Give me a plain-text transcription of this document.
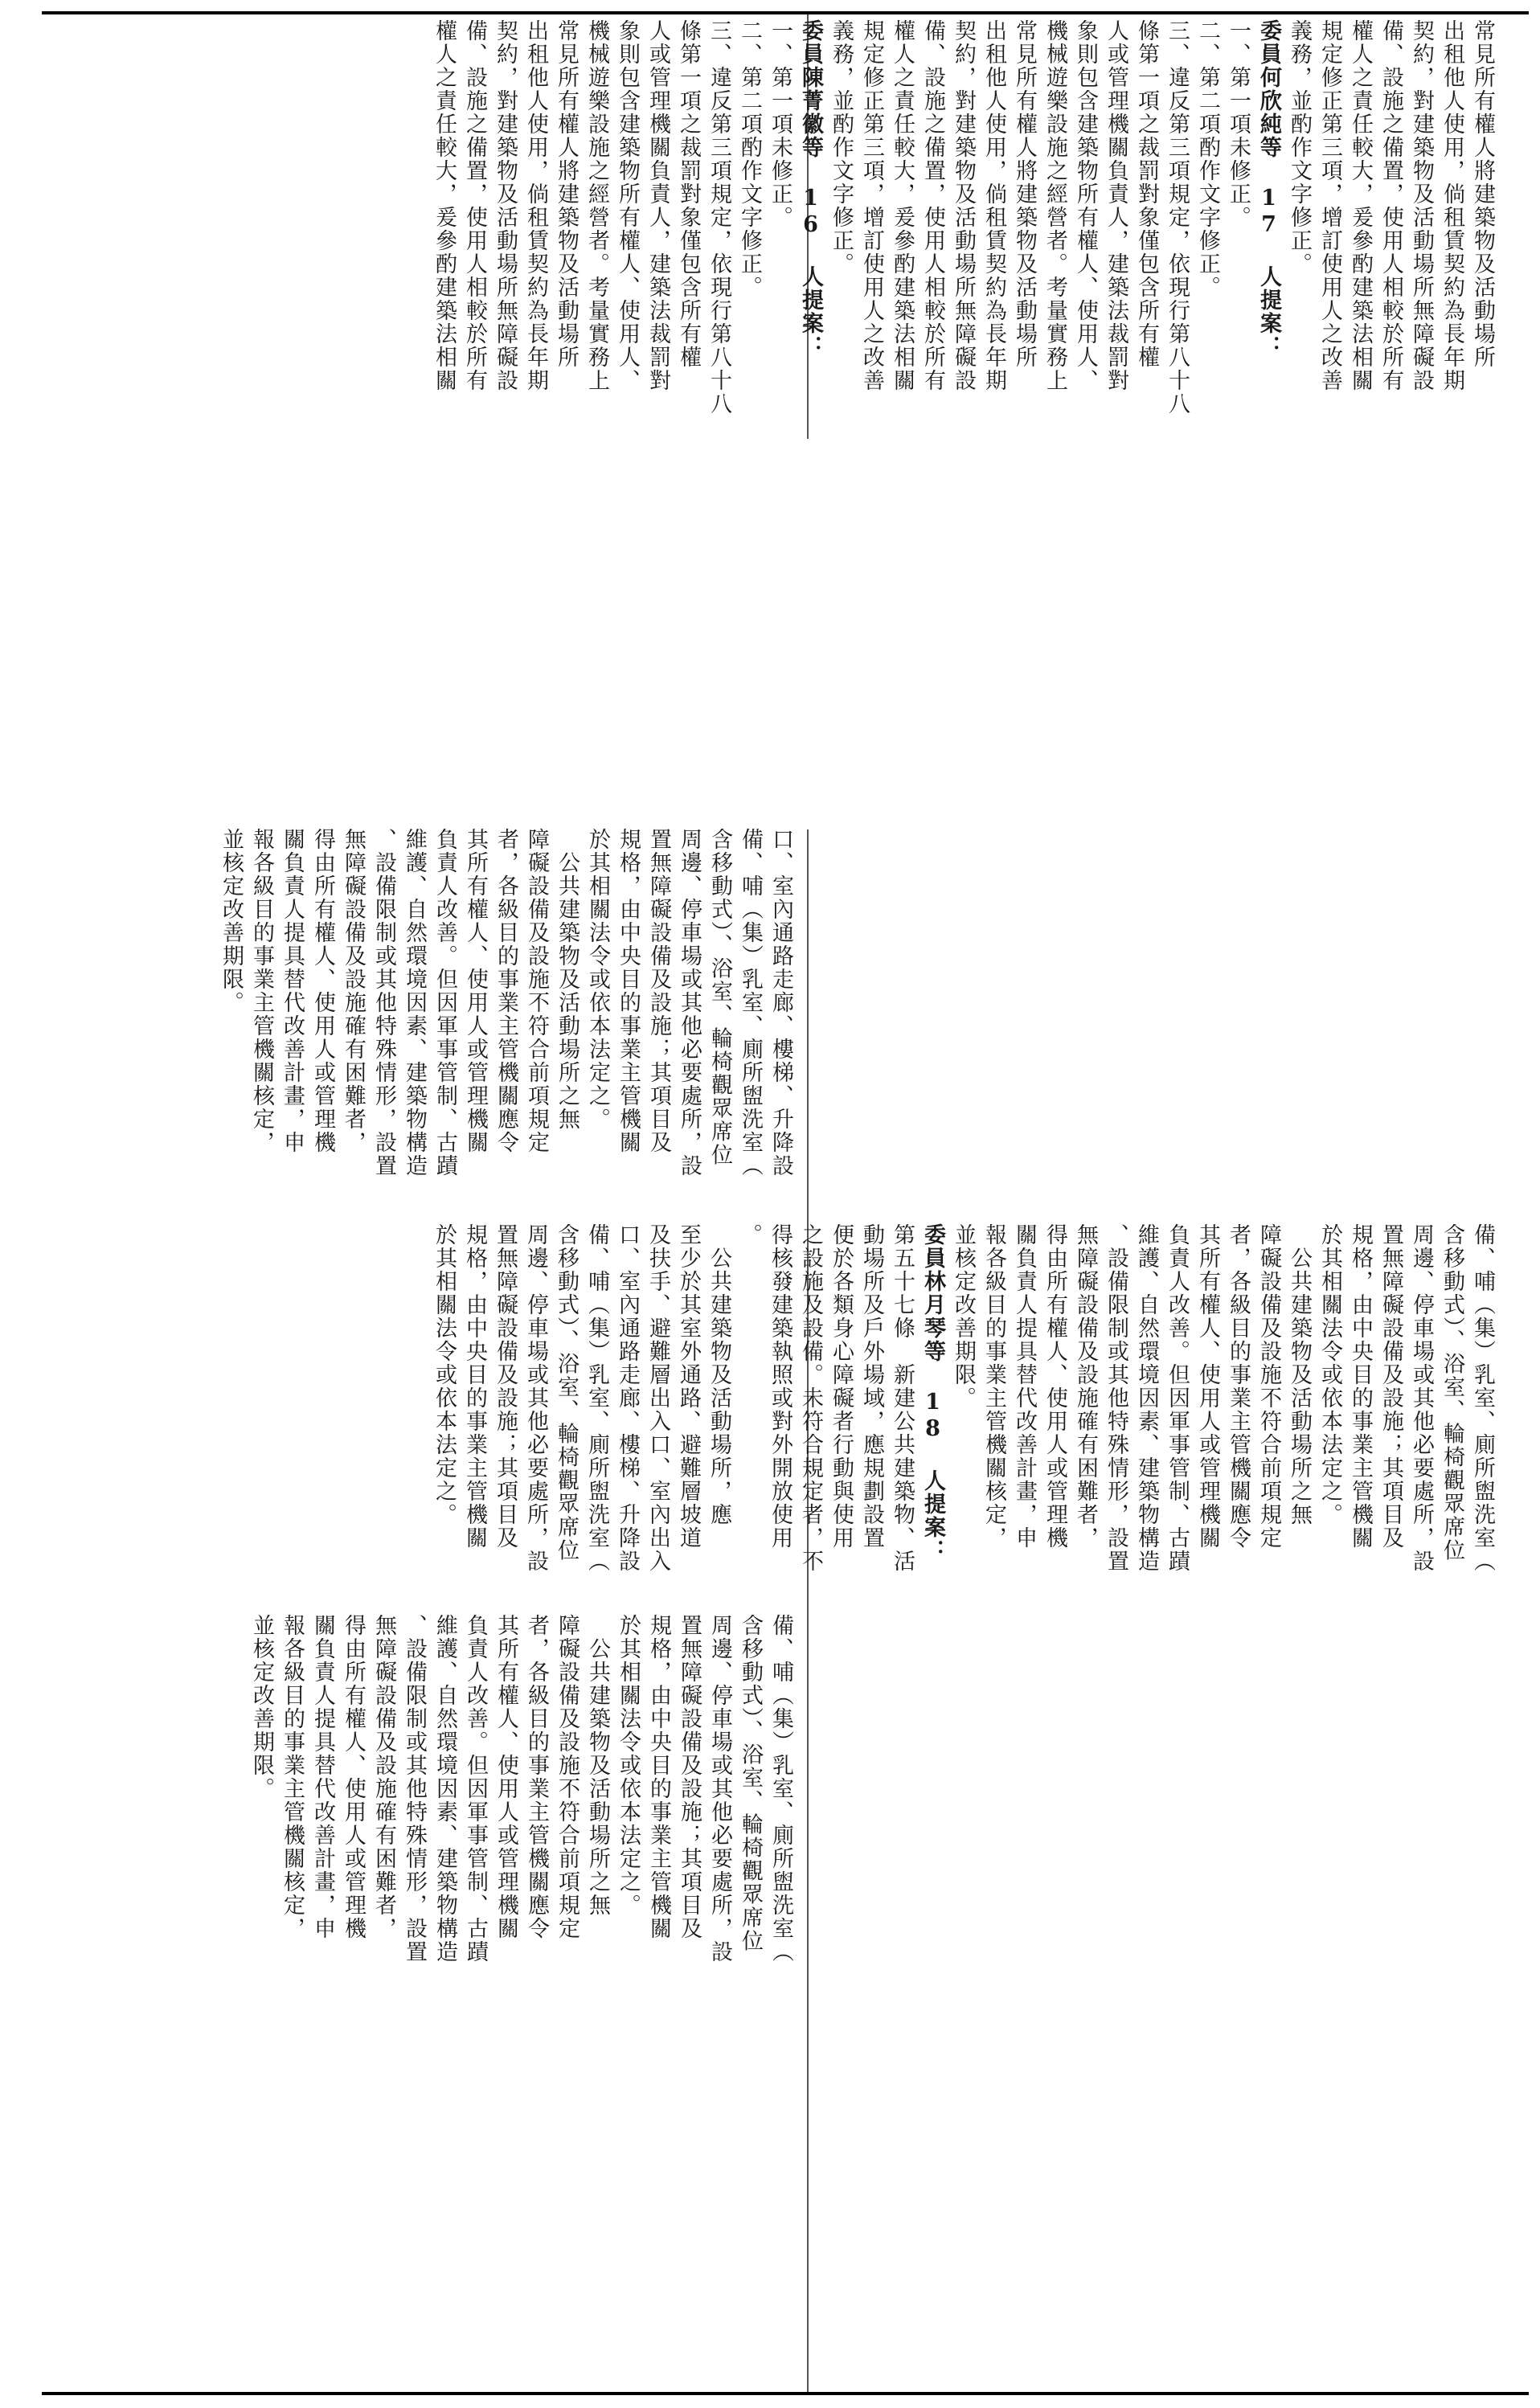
常見所有權人將建築物及活動場所

出租他人使用，倘租賃契約為長年期

契約，對建築物及活動場所無障礙設

備、設施之備置，使用人相較於所有

權人之責任較大，爰參酌建築法相關

規定修正第三項，增訂使用人之改善

義務，並酌作文字修正。

委員何欣純等 17 人提案：

一、第一項未修正。

二、第二項酌作文字修正。

三、違反第三項規定，依現行第八十八

條第一項之裁罰對象僅包含所有權

人或管理機關負責人，建築法裁罰對

象則包含建築物所有權人、使用人、

機械遊樂設施之經營者。考量實務上

常見所有權人將建築物及活動場所

出租他人使用，倘租賃契約為長年期

契約，對建築物及活動場所無障礙設

備、設施之備置，使用人相較於所有

權人之責任較大，爰參酌建築法相關

規定修正第三項，增訂使用人之改善

義務，並酌作文字修正。

委員陳菁徽等 16 人提案：

一、第一項未修正。

二、第二項酌作文字修正。

三、違反第三項規定，依現行第八十八

條第一項之裁罰對象僅包含所有權

人或管理機關負責人，建築法裁罰對

象則包含建築物所有權人、使用人、

機械遊樂設施之經營者。考量實務上

常見所有權人將建築物及活動場所

出租他人使用，倘租賃契約為長年期

契約，對建築物及活動場所無障礙設

備、設施之備置，使用人相較於所有

權人之責任較大，爰參酌建築法相關

口、室內通路走廊、樓梯、升降設

備、哺（集）乳室、廁所盥洗室（

含移動式）、浴室、輪椅觀眾席位

周邊、停車場或其他必要處所，設

置無障礙設備及設施；其項目及

規格，由中央目的事業主管機關

於其相關法令或依本法定之。

　公共建築物及活動場所之無

障礙設備及設施不符合前項規定

者，各級目的事業主管機關應令

其所有權人、使用人或管理機關

負責人改善。但因軍事管制、古蹟

維護、自然環境因素、建築物構造

、設備限制或其他特殊情形，設置

無障礙設備及設施確有困難者，

得由所有權人、使用人或管理機

關負責人提具替代改善計畫，申

報各級目的事業主管機關核定，

並核定改善期限。

備、哺（集）乳室、廁所盥洗室（

含移動式）、浴室、輪椅觀眾席位

周邊、停車場或其他必要處所，設

置無障礙設備及設施；其項目及

規格，由中央目的事業主管機關

於其相關法令或依本法定之。

　公共建築物及活動場所之無

障礙設備及設施不符合前項規定

者，各級目的事業主管機關應令

其所有權人、使用人或管理機關

負責人改善。但因軍事管制、古蹟

維護、自然環境因素、建築物構造

、設備限制或其他特殊情形，設置

無障礙設備及設施確有困難者，

得由所有權人、使用人或管理機

關負責人提具替代改善計畫，申

報各級目的事業主管機關核定，

並核定改善期限。

委員林月琴等 18 人提案：

第五十七條　新建公共建築物、活

動場所及戶外場域，應規劃設置

便於各類身心障礙者行動與使用

之設施及設備。未符合規定者，不

得核發建築執照或對外開放使用

。

　公共建築物及活動場所，應

至少於其室外通路、避難層坡道

及扶手、避難層出入口、室內出入

口、室內通路走廊、樓梯、升降設

備、哺（集）乳室、廁所盥洗室（

含移動式）、浴室、輪椅觀眾席位

周邊、停車場或其他必要處所，設

置無障礙設備及設施；其項目及

規格，由中央目的事業主管機關

於其相關法令或依本法定之。

備、哺（集）乳室、廁所盥洗室（

含移動式）、浴室、輪椅觀眾席位

周邊、停車場或其他必要處所，設

置無障礙設備及設施；其項目及

規格，由中央目的事業主管機關

於其相關法令或依本法定之。

　公共建築物及活動場所之無

障礙設備及設施不符合前項規定

者，各級目的事業主管機關應令

其所有權人、使用人或管理機關

負責人改善。但因軍事管制、古蹟

維護、自然環境因素、建築物構造

、設備限制或其他特殊情形，設置

無障礙設備及設施確有困難者，

得由所有權人、使用人或管理機

關負責人提具替代改善計畫，申

報各級目的事業主管機關核定，

並核定改善期限。
